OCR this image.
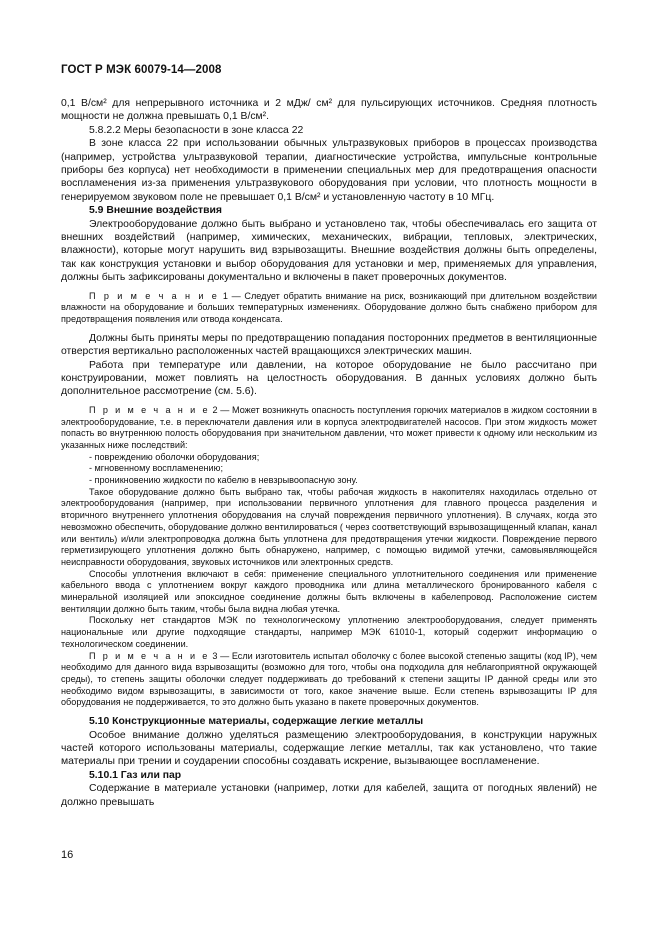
ГОСТ Р МЭК 60079-14—2008

0,1 В/см² для непрерывного источника и 2 мДж/ см² для пульсирующих источников. Средняя плотность мощности не должна превышать 0,1 В/см².

5.8.2.2 Меры безопасности в зоне класса 22

В зоне класса 22 при использовании обычных ультразвуковых приборов в процессах производства (например, устройства ультразвуковой терапии, диагностические устройства, импульсные контрольные приборы без корпуса) нет необходимости в применении специальных мер для предотвращения опасности воспламенения из-за применения ультразвукового оборудования при условии, что плотность мощности в генерируемом звуковом поле не превышает 0,1 В/см² и установленную частоту в 10 МГц.

5.9 Внешние воздействия

Электрооборудование должно быть выбрано и установлено так, чтобы обеспечивалась его защита от внешних воздействий (например, химических, механических, вибрации, тепловых, электрических, влажности), которые могут нарушить вид взрывозащиты. Внешние воздействия должны быть определены, так как конструкция установки и выбор оборудования для установки и мер, применяемых для управления, должны быть зафиксированы документально и включены в пакет проверочных документов.

П р и м е ч а н и е 1 — Следует обратить внимание на риск, возникающий при длительном воздействии влажности на оборудование и больших температурных изменениях. Оборудование должно быть снабжено прибором для предотвращения появления или отвода конденсата.

Должны быть приняты меры по предотвращению попадания посторонних предметов в вентиляционные отверстия вертикально расположенных частей вращающихся электрических машин.

Работа при температуре или давлении, на которое оборудование не было рассчитано при конструировании, может повлиять на целостность оборудования. В данных условиях должно быть дополнительное рассмотрение (см. 5.6).

П р и м е ч а н и е 2 — Может возникнуть опасность поступления горючих материалов в жидком состоянии в электрооборудование, т.е. в переключатели давления или в корпуса электродвигателей насосов. При этом жидкость может попасть во внутреннюю полость оборудования при значительном давлении, что может привести к одному или нескольким из указанных ниже последствий:

- повреждению оболочки оборудования;

- мгновенному воспламенению;

- проникновению жидкости по кабелю в невзрывоопасную зону.

Такое оборудование должно быть выбрано так, чтобы рабочая жидкость в накопителях находилась отдельно от электрооборудования (например, при использовании первичного уплотнения для главного процесса разделения и вторичного внутреннего уплотнения оборудования на случай повреждения первичного уплотнения). В случаях, когда это невозможно обеспечить, оборудование должно вентилироваться ( через соответствующий взрывозащищенный клапан, канал или вентиль) и/или электропроводка должна быть уплотнена для предотвращения утечки жидкости. Повреждение первого герметизирующего уплотнения должно быть обнаружено, например, с помощью видимой утечки, самовыявляющейся неисправности оборудования, звуковых источников или электронных средств.

Способы уплотнения включают в себя: применение специального уплотнительного соединения или применение кабельного ввода с уплотнением вокруг каждого проводника или длина металлического бронированного кабеля с минеральной изоляцией или эпоксидное соединение должны быть включены в кабелепровод. Расположение систем вентиляции должно быть таким, чтобы была видна любая утечка.

Поскольку нет стандартов МЭК по технологическому уплотнению электрооборудования, следует применять национальные или другие подходящие стандарты, например МЭК 61010-1, который содержит информацию о технологическом соединении.

П р и м е ч а н и е 3 — Если изготовитель испытал оболочку с более высокой степенью защиты (код IP), чем необходимо для данного вида взрывозащиты (возможно для того, чтобы она подходила для неблагоприятной окружающей среды), то степень защиты оболочки следует поддерживать до требований к степени защиты IP данной среды или это необходимо видом взрывозащиты, в зависимости от того, какое значение выше. Если степень взрывозащиты IP для оборудования не поддерживается, то это должно быть указано в пакете проверочных документов.

5.10 Конструкционные материалы, содержащие легкие металлы

Особое внимание должно уделяться размещению электрооборудования, в конструкции наружных частей которого использованы материалы, содержащие легкие металлы, так как установлено, что такие материалы при трении и соударении способны создавать искрение, вызывающее воспламенение.

5.10.1 Газ или пар

Содержание в материале установки (например, лотки для кабелей, защита от погодных явлений) не должно превышать

16
